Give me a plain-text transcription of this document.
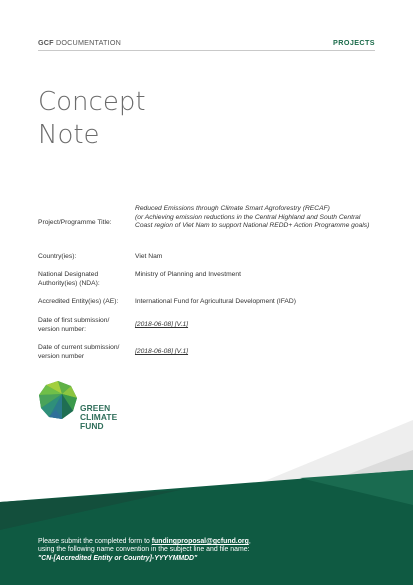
GCF DOCUMENTATION	PROJECTS
Concept
Note
Project/Programme Title:
Reduced Emissions through Climate Smart Agroforestry (RECAF)
(or Achieving emission reductions in the Central Highland and South Central Coast region of Viet Nam to support National REDD+ Action Programme goals)
Country(ies):	Viet Nam
National Designated Authority(ies) (NDA):
Ministry of Planning and Investment
Accredited Entity(ies) (AE):	International Fund for Agricultural Development (IFAD)
Date of first submission/ version number:
[2018-06-08] [V.1]
Date of current submission/ version number
[2018-06-08] [V.1]
GREEN
CLIMATE
FUND
Please submit the completed form to fundingproposal@gcfund.org,
using the following name convention in the subject line and file name:
"CN-[Accredited Entity or Country]-YYYYMMDD"
